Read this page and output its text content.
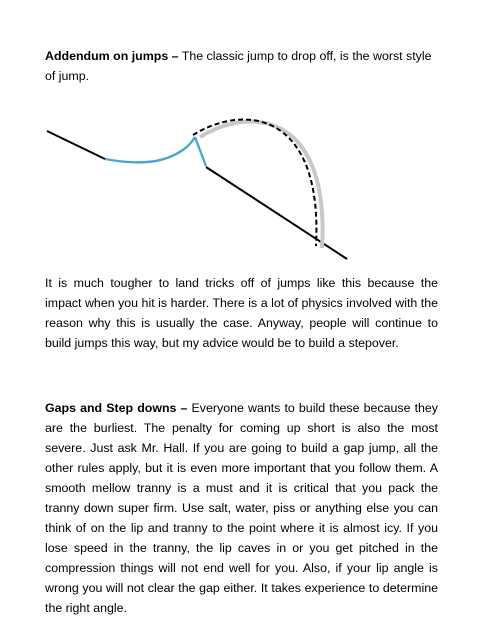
Addendum on jumps – The classic jump to drop off, is the worst style of jump.

It is much tougher to land tricks off of jumps like this because the impact when you hit is harder. There is a lot of physics involved with the reason why this is usually the case. Anyway, people will continue to build jumps this way, but my advice would be to build a stepover.

Gaps and Step downs – Everyone wants to build these because they are the burliest. The penalty for coming up short is also the most severe. Just ask Mr. Hall. If you are going to build a gap jump, all the other rules apply, but it is even more important that you follow them. A smooth mellow tranny is a must and it is critical that you pack the tranny down super firm. Use salt, water, piss or anything else you can think of on the lip and tranny to the point where it is almost icy. If you lose speed in the tranny, the lip caves in or you get pitched in the compression things will not end well for you. Also, if your lip angle is wrong you will not clear the gap either. It takes experience to determine the right angle.
